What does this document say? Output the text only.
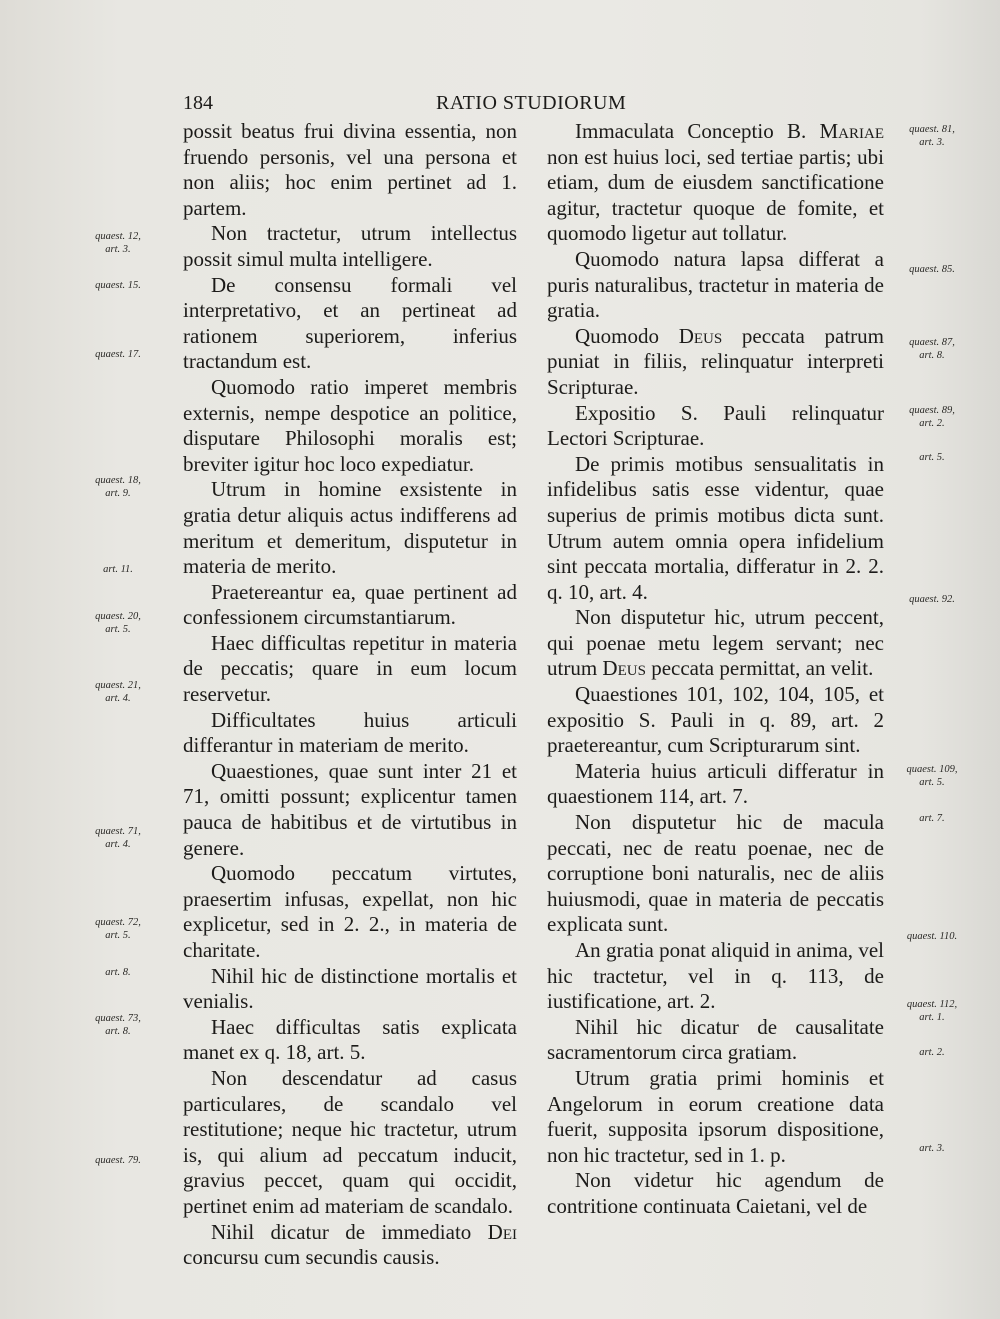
184	RATIO STUDIORUM

possit beatus frui divina essentia, non fruendo personis, vel una persona et non aliis; hoc enim pertinet ad 1. partem.

Non tractetur, utrum intellectus possit simul multa intelligere.

De consensu formali vel interpretativo, et an pertineat ad rationem superiorem, inferius tractandum est.

Quomodo ratio imperet membris externis, nempe despotice an politice, disputare Philosophi moralis est; breviter igitur hoc loco expediatur.

Utrum in homine exsistente in gratia detur aliquis actus indifferens ad meritum et demeritum, disputetur in materia de merito.

Praetereantur ea, quae pertinent ad confessionem circumstantiarum.

Haec difficultas repetitur in materia de peccatis; quare in eum locum reservetur.

Difficultates huius articuli differantur in materiam de merito.

Quaestiones, quae sunt inter 21 et 71, omitti possunt; explicentur tamen pauca de habitibus et de virtutibus in genere.

Quomodo peccatum virtutes, praesertim infusas, expellat, non hic explicetur, sed in 2. 2., in materia de charitate.

Nihil hic de distinctione mortalis et venialis.

Haec difficultas satis explicata manet ex q. 18, art. 5.

Non descendatur ad casus particulares, de scandalo vel restitutione; neque hic tractetur, utrum is, qui alium ad peccatum inducit, gravius peccet, quam qui occidit, pertinet enim ad materiam de scandalo.

Nihil dicatur de immediato Dei concursu cum secundis causis.

Immaculata Conceptio B. Mariae non est huius loci, sed tertiae partis; ubi etiam, dum de eiusdem sanctificatione agitur, tractetur quoque de fomite, et quomodo ligetur aut tollatur.

Quomodo natura lapsa differat a puris naturalibus, tractetur in materia de gratia.

Quomodo Deus peccata patrum puniat in filiis, relinquatur interpreti Scripturae.

Expositio S. Pauli relinquatur Lectori Scripturae.

De primis motibus sensualitatis in infidelibus satis esse videntur, quae superius de primis motibus dicta sunt. Utrum autem omnia opera infidelium sint peccata mortalia, differatur in 2. 2. q. 10, art. 4.

Non disputetur hic, utrum peccent, qui poenae metu legem servant; nec utrum Deus peccata permittat, an velit.

Quaestiones 101, 102, 104, 105, et expositio S. Pauli in q. 89, art. 2 praetereantur, cum Scripturarum sint.

Materia huius articuli differatur in quaestionem 114, art. 7.

Non disputetur hic de macula peccati, nec de reatu poenae, nec de corruptione boni naturalis, nec de aliis huiusmodi, quae in materia de peccatis explicata sunt.

An gratia ponat aliquid in anima, vel hic tractetur, vel in q. 113, de iustificatione, art. 2.

Nihil hic dicatur de causalitate sacramentorum circa gratiam.

Utrum gratia primi hominis et Angelorum in eorum creatione data fuerit, supposita ipsorum dispositione, non hic tractetur, sed in 1. p.

Non videtur hic agendum de contritione continuata Caietani, vel de

quaest. 12,
art. 3.
quaest. 15.
quaest. 17.
quaest. 18,
art. 9.
art. 11.
quaest. 20,
art. 5.
quaest. 21,
art. 4.
quaest. 71,
art. 4.
quaest. 72,
art. 5.
art. 8.
quaest. 73,
art. 8.
quaest. 79.
quaest. 81,
art. 3.
quaest. 85.
quaest. 87,
art. 8.
quaest. 89,
art. 2.
art. 5.
quaest. 92.
quaest. 109,
art. 5.
art. 7.
quaest. 110.
quaest. 112,
art. 1.
art. 2.
art. 3.
